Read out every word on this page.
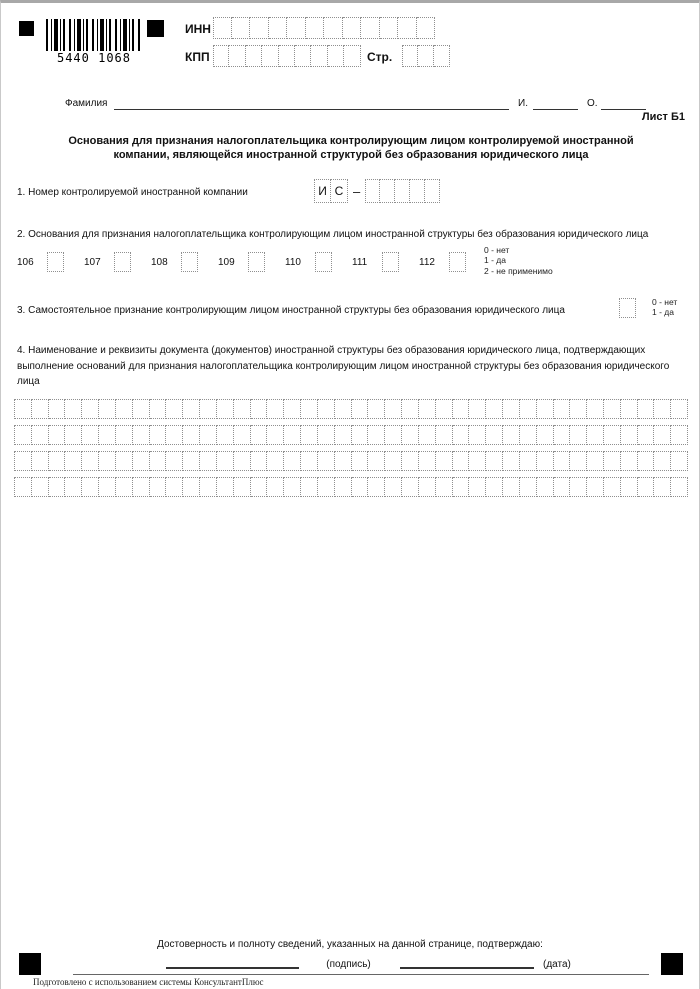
5440 1068
ИНН
КПП	Стр.
Фамилия	И.	О.
Лист Б1
Основания для признания налогоплательщика контролирующим лицом контролируемой иностранной
компании, являющейся иностранной структурой без образования юридического лица
1. Номер контролируемой иностранной компании	И С –
2. Основания для признания налогоплательщика контролирующим лицом иностранной структуры без образования юридического лица
106	107	108	109	110	111	112
0 - нет
1 - да
2 - не применимо
3. Самостоятельное признание контролирующим лицом иностранной структуры без образования юридического лица
0 - нет
1 - да
4. Наименование и реквизиты документа (документов) иностранной структуры без образования юридического лица, подтверждающих выполнение оснований для признания налогоплательщика контролирующим лицом иностранной структуры без образования юридического лица
Достоверность и полноту сведений, указанных на данной странице, подтверждаю:
(подпись)	(дата)
Подготовлено с использованием системы КонсультантПлюс
